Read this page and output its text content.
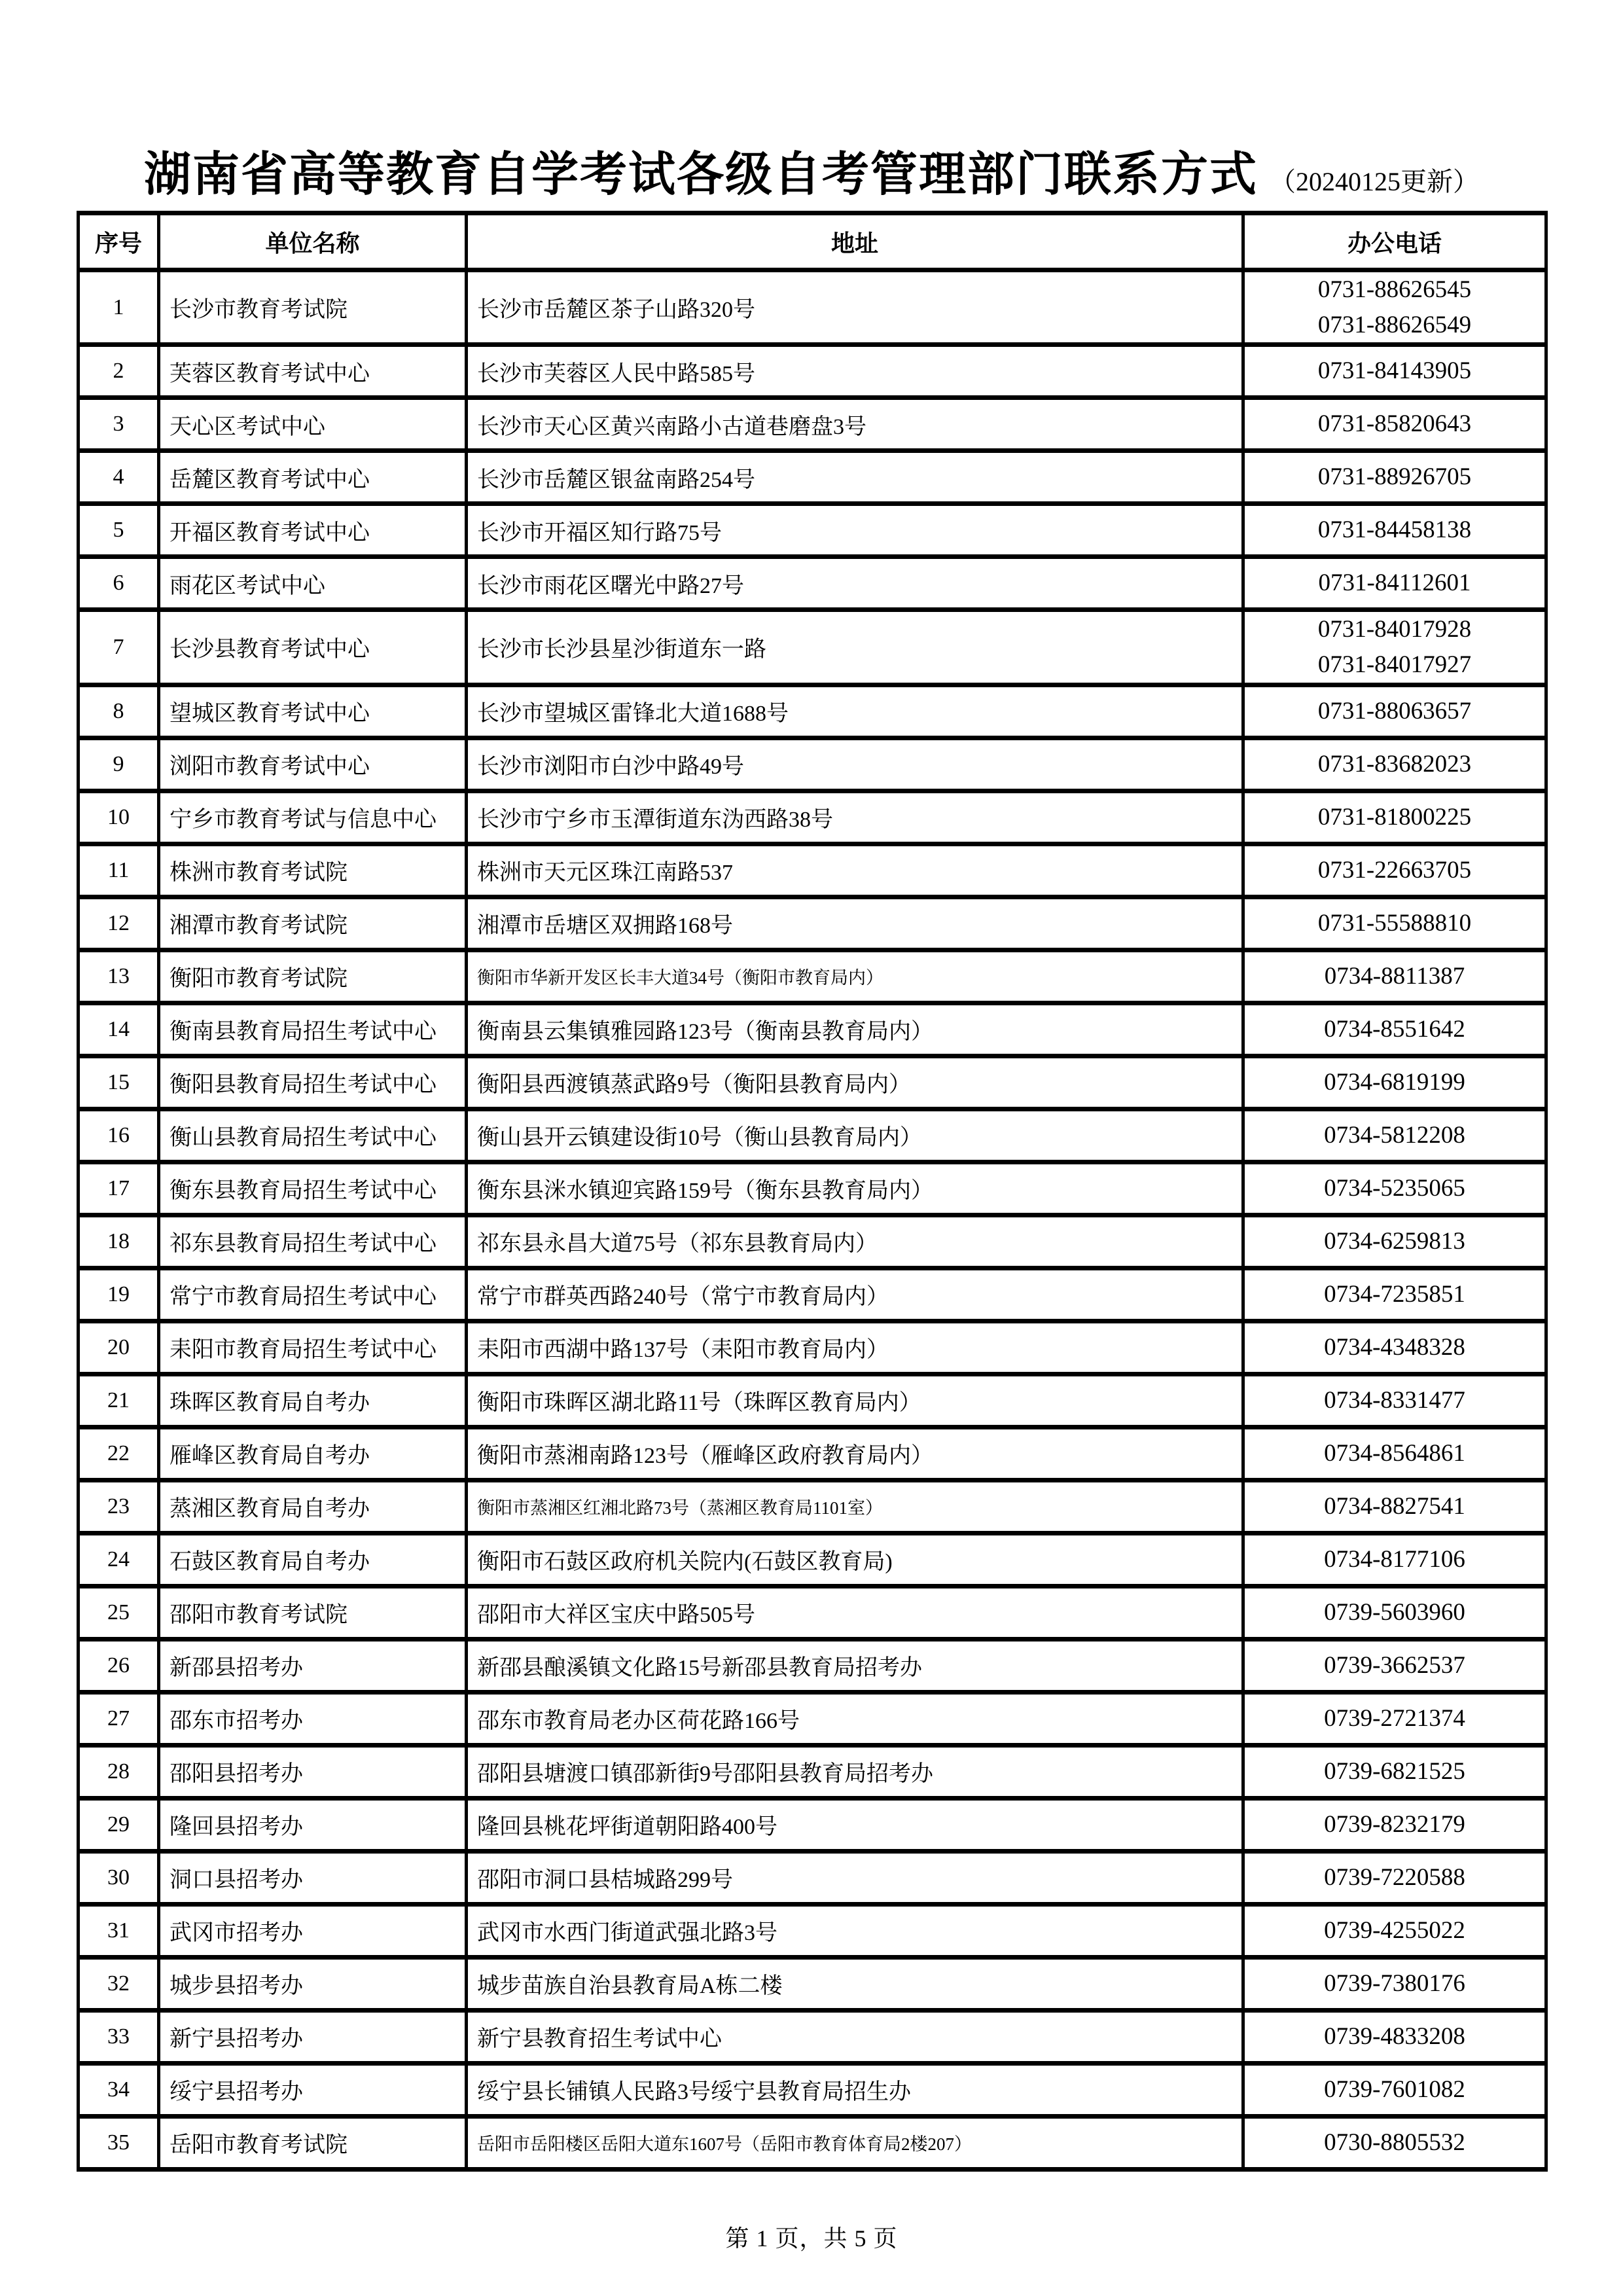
湖南省高等教育自学考试各级自考管理部门联系方式 （20240125更新）
序号	单位名称	地址	办公电话
1	长沙市教育考试院	长沙市岳麓区茶子山路320号	0731-88626545
0731-88626549

2	芙蓉区教育考试中心	长沙市芙蓉区人民中路585号	0731-84143905

3	天心区考试中心	长沙市天心区黄兴南路小古道巷磨盘3号	0731-85820643

4	岳麓区教育考试中心	长沙市岳麓区银盆南路254号	0731-88926705

5	开福区教育考试中心	长沙市开福区知行路75号	0731-84458138

6	雨花区考试中心	长沙市雨花区曙光中路27号	0731-84112601

7	长沙县教育考试中心	长沙市长沙县星沙街道东一路	0731-84017928
0731-84017927

8	望城区教育考试中心	长沙市望城区雷锋北大道1688号	0731-88063657

9	浏阳市教育考试中心	长沙市浏阳市白沙中路49号	0731-83682023

10	宁乡市教育考试与信息中心	长沙市宁乡市玉潭街道东沩西路38号	0731-81800225

11	株洲市教育考试院	株洲市天元区珠江南路537	0731-22663705

12	湘潭市教育考试院	湘潭市岳塘区双拥路168号	0731-55588810

13	衡阳市教育考试院	衡阳市华新开发区长丰大道34号（衡阳市教育局内）	0734-8811387

14	衡南县教育局招生考试中心	衡南县云集镇雅园路123号（衡南县教育局内）	0734-8551642

15	衡阳县教育局招生考试中心	衡阳县西渡镇蒸武路9号（衡阳县教育局内）	0734-6819199

16	衡山县教育局招生考试中心	衡山县开云镇建设街10号（衡山县教育局内）	0734-5812208

17	衡东县教育局招生考试中心	衡东县洣水镇迎宾路159号（衡东县教育局内）	0734-5235065

18	祁东县教育局招生考试中心	祁东县永昌大道75号（祁东县教育局内）	0734-6259813

19	常宁市教育局招生考试中心	常宁市群英西路240号（常宁市教育局内）	0734-7235851

20	耒阳市教育局招生考试中心	耒阳市西湖中路137号（耒阳市教育局内）	0734-4348328

21	珠晖区教育局自考办	衡阳市珠晖区湖北路11号（珠晖区教育局内）	0734-8331477

22	雁峰区教育局自考办	衡阳市蒸湘南路123号（雁峰区政府教育局内）	0734-8564861

23	蒸湘区教育局自考办	衡阳市蒸湘区红湘北路73号（蒸湘区教育局1101室）	0734-8827541

24	石鼓区教育局自考办	衡阳市石鼓区政府机关院内(石鼓区教育局)	0734-8177106

25	邵阳市教育考试院	邵阳市大祥区宝庆中路505号	0739-5603960

26	新邵县招考办	新邵县酿溪镇文化路15号新邵县教育局招考办	0739-3662537

27	邵东市招考办	邵东市教育局老办区荷花路166号	0739-2721374

28	邵阳县招考办	邵阳县塘渡口镇邵新街9号邵阳县教育局招考办	0739-6821525

29	隆回县招考办	隆回县桃花坪街道朝阳路400号	0739-8232179

30	洞口县招考办	邵阳市洞口县桔城路299号	0739-7220588

31	武冈市招考办	武冈市水西门街道武强北路3号	0739-4255022

32	城步县招考办	城步苗族自治县教育局A栋二楼	0739-7380176

33	新宁县招考办	新宁县教育招生考试中心	0739-4833208

34	绥宁县招考办	绥宁县长铺镇人民路3号绥宁县教育局招生办	0739-7601082

35	岳阳市教育考试院	岳阳市岳阳楼区岳阳大道东1607号（岳阳市教育体育局2楼207）	0730-8805532
第 1 页，共 5 页
